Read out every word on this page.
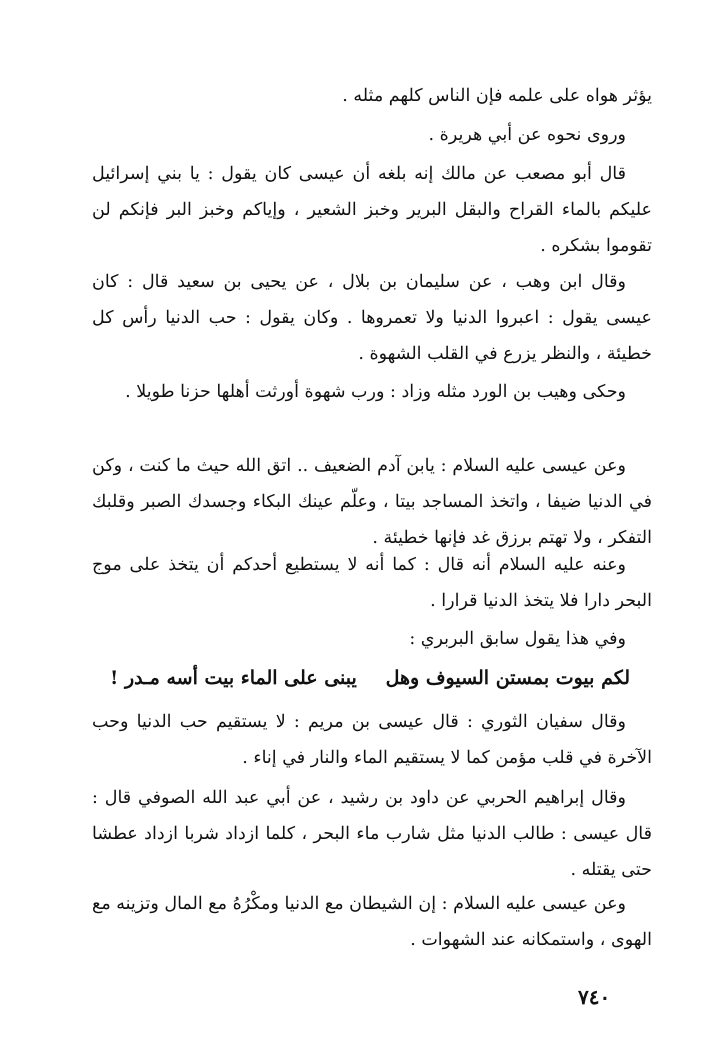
يؤثر هواه على علمه فإن الناس كلهم مثله .

وروى نحوه عن أبي هريرة .

قال أبو مصعب عن مالك إنه بلغه أن عيسى كان يقول : يا بني إسرائيل عليكم بالماء القراح والبقل البرير وخبز الشعير ، وإياكم وخبز البر فإنكم لن تقوموا بشكره .

وقال ابن وهب ، عن سليمان بن بلال ، عن يحيى بن سعيد قال : كان عيسى يقول : اعبروا الدنيا ولا تعمروها . وكان يقول : حب الدنيا رأس كل خطيئة ، والنظر يزرع في القلب الشهوة .

وحكى وهيب بن الورد مثله وزاد : ورب شهوة أورثت أهلها حزنا طويلا .

وعن عيسى عليه السلام : يابن آدم الضعيف .. اتق الله حيث ما كنت ، وكن في الدنيا ضيفا ، واتخذ المساجد بيتا ، وعلّم عينك البكاء وجسدك الصبر وقلبك التفكر ، ولا تهتم برزق غد فإنها خطيئة .

وعنه عليه السلام أنه قال : كما أنه لا يستطيع أحدكم أن يتخذ على موج البحر دارا فلا يتخذ الدنيا قرارا .

وفي هذا يقول سابق البربري :

لكم بيوت بمستن السيوف وهل
يبنى على الماء بيت أسه مـدر !

وقال سفيان الثوري : قال عيسى بن مريم : لا يستقيم حب الدنيا وحب الآخرة في قلب مؤمن كما لا يستقيم الماء والنار في إناء .

وقال إبراهيم الحربي عن داود بن رشيد ، عن أبي عبد الله الصوفي قال : قال عيسى : طالب الدنيا مثل شارب ماء البحر ، كلما ازداد شربا ازداد عطشا حتى يقتله .

وعن عيسى عليه السلام : إن الشيطان مع الدنيا ومكْرُهُ مع المال وتزينه مع الهوى ، واستمكانه عند الشهوات .

٧٤٠
